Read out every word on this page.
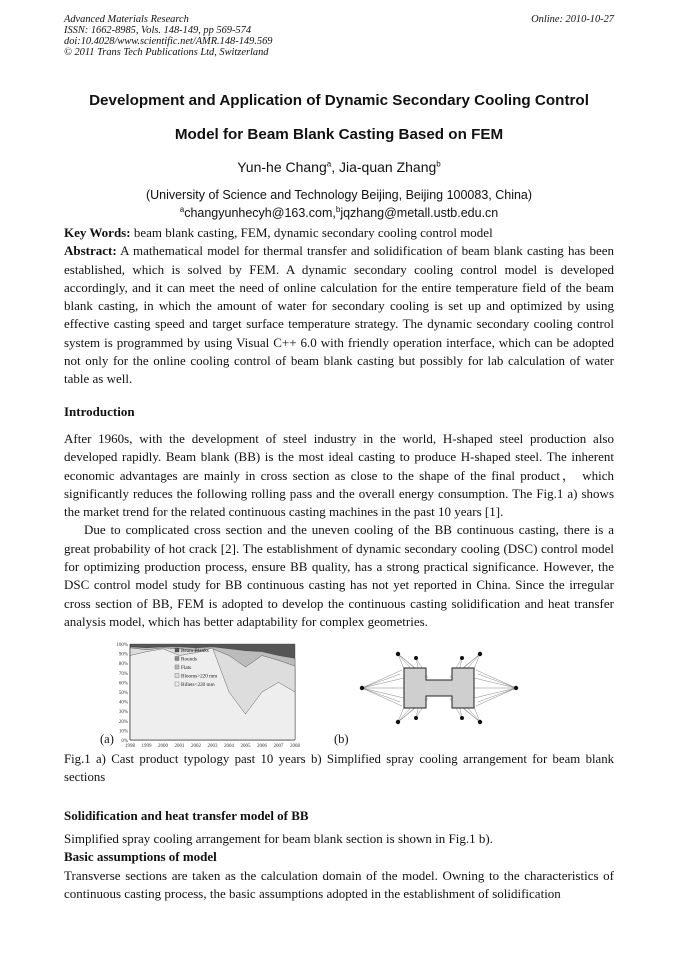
Advanced Materials Research
ISSN: 1662-8985, Vols. 148-149, pp 569-574
doi:10.4028/www.scientific.net/AMR.148-149.569
© 2011 Trans Tech Publications Ltd, Switzerland
Online: 2010-10-27
Development and Application of Dynamic Secondary Cooling Control
Model for Beam Blank Casting Based on FEM
Yun-he Chang$^a$, Jia-quan Zhang$^b$
(University of Science and Technology Beijing, Beijing 100083, China)
$^a$changyunhecyh@163.com,$^b$jqzhang@metall.ustb.edu.cn

Key Words: beam blank casting, FEM, dynamic secondary cooling control model

Abstract: A mathematical model for thermal transfer and solidification of beam blank casting has been established, which is solved by FEM. A dynamic secondary cooling control model is developed accordingly, and it can meet the need of online calculation for the entire temperature field of the beam blank casting, in which the amount of water for secondary cooling is set up and optimized by using effective casting speed and target surface temperature strategy. The dynamic secondary cooling control system is programmed by using Visual C++ 6.0 with friendly operation interface, which can be adopted not only for the online cooling control of beam blank casting but possibly for lab calculation of water table as well.

Introduction

After 1960s, with the development of steel industry in the world, H-shaped steel production also developed rapidly. Beam blank (BB) is the most ideal casting to produce H-shaped steel. The inherent economic advantages are mainly in cross section as close to the shape of the final product， which significantly reduces the following rolling pass and the overall energy consumption. The Fig.1 a) shows the market trend for the related continuous casting machines in the past 10 years [1].

Due to complicated cross section and the uneven cooling of the BB continuous casting, there is a great probability of hot crack [2]. The establishment of dynamic secondary cooling (DSC) control model for optimizing production process, ensure BB quality, has a strong practical significance. However, the DSC control model study for BB continuous casting has not yet reported in China. Since the irregular cross section of BB, FEM is adopted to develop the continuous casting solidification and heat transfer analysis model, which has better adaptability for complex geometries.

100%
90%
80%
70%
60%
50%
40%
30%
20%
10%
0%
1998 1999 2000 2001 2002 2003 2004 2005 2006 2007 2008
Beam Blanks
Rounds
Flats
Blooms>220 mm
Billets<220 mm
(a)	(b)
Fig.1 a) Cast product typology past 10 years b) Simplified spray cooling arrangement for beam blank sections
Solidification and heat transfer model of BB

Simplified spray cooling arrangement for beam blank section is shown in Fig.1 b).

Basic assumptions of model

Transverse sections are taken as the calculation domain of the model. Owning to the characteristics of continuous casting process, the basic assumptions adopted in the establishment of solidification
